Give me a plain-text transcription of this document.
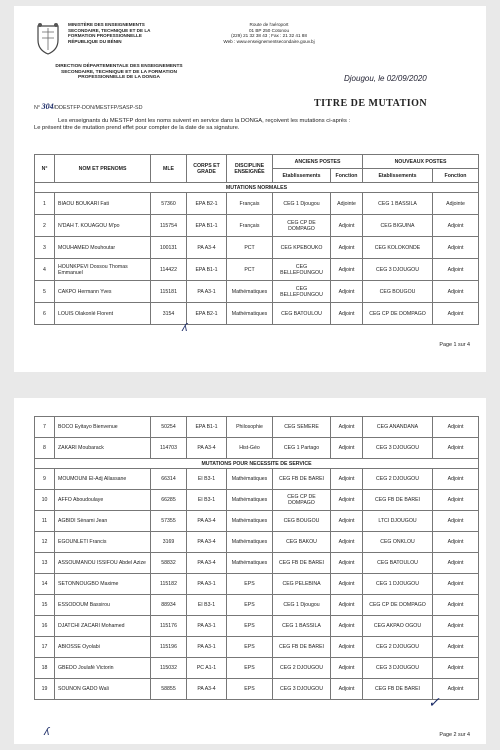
MINISTÈRE DES ENSEIGNEMENTS
SECONDAIRE, TECHNIQUE ET DE LA
FORMATION PROFESSIONNELLE
RÉPUBLIQUE DU BÉNIN
Route de l'aéroport
01 BP 250 Cotonou
(229) 21 32 38 43 ; Fax : 21 32 41 88
Web : www.enseignementsecondaire.gouv.bj
DIRECTION DÉPARTEMENTALE DES ENSEIGNEMENTS
SECONDAIRE, TECHNIQUE ET DE LA FORMATION
PROFESSIONNELLE DE LA DONGA	Djougou, le 02/09/2020
N° 304/DDESTFP-DON/MESTFP/SASP-SD	TITRE DE MUTATION

Les enseignants du MESTFP dont les noms suivent en service dans la DONGA, reçoivent les mutations ci-après :

Le présent titre de mutation prend effet pour compter de la date de sa signature.

N°	NOM ET PRENOMS	MLE	CORPS ET GRADE	DISCIPLINE ENSEIGNÉE	ANCIENS POSTES		NOUVEAUX POSTES	
					Etablissements	Fonction	Etablissements	Fonction
MUTATIONS NORMALES								
1	BIAOU BOUKARI Fati	57360	EPA B2-1	Français	CEG 1 Djougou	Adjointe	CEG 1 BASSILA	Adjointe
2	N'DAH T. KOUAGOU M'po	115754	EPA B1-1	Français	CEG CP DE DOMPAGO	Adjoint	CEG BIGUINA	Adjoint
3	MOUHAMED Mouhoutar	100131	PA A3-4	PCT	CEG KPEBOUKO	Adjoint	CEG KOLOKONDE	Adjoint
4	HOUNKPEVI Dossou Thomas Emmanuel	114422	EPA B1-1	PCT	CEG BELLEFOUNGOU	Adjoint	CEG 3 DJOUGOU	Adjoint
5	CAKPO Hermann Yves	115181	PA A3-1	Mathématiques	CEG BELLEFOUNGOU	Adjoint	CEG BOUGOU	Adjoint
6	LOUIS Olakonlé Florent	3154	EPA B2-1	Mathématiques	CEG BATOULOU	Adjoint	CEG CP DE DOMPAGO	Adjoint
ʎ
Page 1 sur 4
7	BOCO Eyitayo Bienvenue	50254	EPA B1-1	Philosophie	CEG SEMERE	Adjoint	CEG ANANDANA	Adjoint
8	ZAKARI Moubarack	114703	PA A3-4	Hist-Géo	CEG 1 Partago	Adjoint	CEG 3 DJOUGOU	Adjoint
MUTATIONS POUR NECESSITE DE SERVICE								
9	MOUMOUNI El-Adj Allassane	66314	EI B3-1	Mathématiques	CEG FB DE BAREI	Adjoint	CEG 2 DJOUGOU	Adjoint
10	AFFO Aboudoulaye	66285	EI B3-1	Mathématiques	CEG CP DE DOMPAGO	Adjoint	CEG FB DE BAREI	Adjoint
11	AGBIDI Sènami Jean	57355	PA A3-4	Mathématiques	CEG BOUGOU	Adjoint	LTCI DJOUGOU	Adjoint
12	EGOUNLETI Francis	3169	PA A3-4	Mathématiques	CEG BAKOU	Adjoint	CEG ONKLOU	Adjoint
13	ASSOUMANOU ISSIFOU Abdel Azize	58832	PA A3-4	Mathématiques	CEG FB DE BAREI	Adjoint	CEG BATOULOU	Adjoint
14	SETONNOUGBO Maxime	115182	PA A3-1	EPS	CEG PELEBINA	Adjoint	CEG 1 DJOUGOU	Adjoint
15	ESSODOUM Bassirou	88934	EI B3-1	EPS	CEG 1 Djougou	Adjoint	CEG CP DE DOMPAGO	Adjoint
16	DJATCHI ZACARI Mohamed	115176	PA A3-1	EPS	CEG 1 BASSILA	Adjoint	CEG AKPAO OGOU	Adjoint
17	ABIOSSE Oyolabi	115196	PA A3-1	EPS	CEG FB DE BAREI	Adjoint	CEG 2 DJOUGOU	Adjoint
18	GBEDO Joulafè Victorin	115032	PC A1-1	EPS	CEG 2 DJOUGOU	Adjoint	CEG 3 DJOUGOU	Adjoint
19	SOUNON GADO Wali	58855	PA A3-4	EPS	CEG 3 DJOUGOU	Adjoint	CEG FB DE BAREI	Adjoint
✓
ʎ	Page 2 sur 4
